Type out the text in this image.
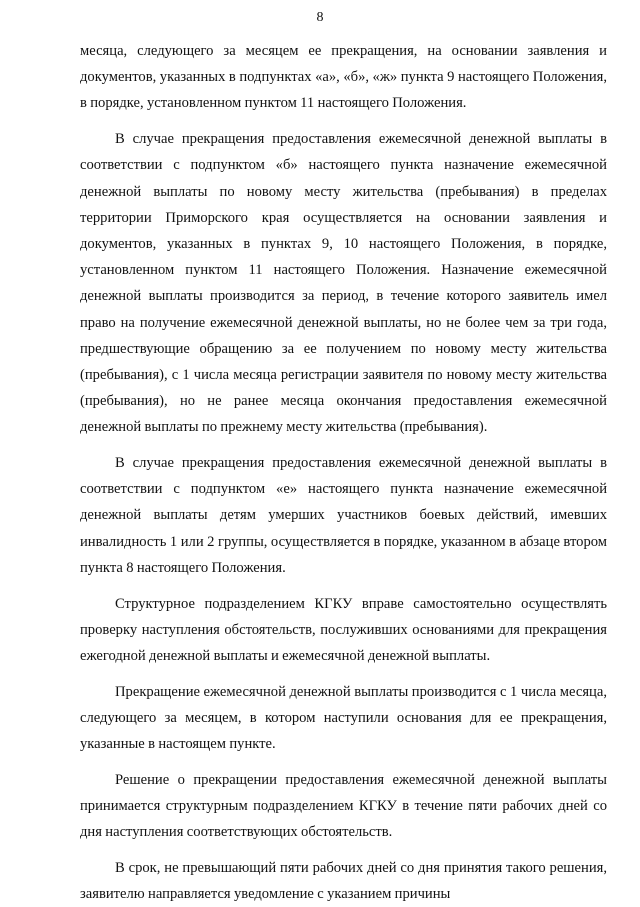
8

месяца, следующего за месяцем ее прекращения, на основании заявления и документов, указанных в подпунктах «а», «б», «ж» пункта 9 настоящего Положения, в порядке, установленном пунктом 11 настоящего Положения.

В случае прекращения предоставления ежемесячной денежной выплаты в соответствии с подпунктом «б» настоящего пункта назначение ежемесячной денежной выплаты по новому месту жительства (пребывания) в пределах территории Приморского края осуществляется на основании заявления и документов, указанных в пунктах 9, 10 настоящего Положения, в порядке, установленном пунктом 11 настоящего Положения. Назначение ежемесячной денежной выплаты производится за период, в течение которого заявитель имел право на получение ежемесячной денежной выплаты, но не более чем за три года, предшествующие обращению за ее получением по новому месту жительства (пребывания), с 1 числа месяца регистрации заявителя по новому месту жительства (пребывания), но не ранее месяца окончания предоставления ежемесячной денежной выплаты по прежнему месту жительства (пребывания).

В случае прекращения предоставления ежемесячной денежной выплаты в соответствии с подпунктом «е» настоящего пункта назначение ежемесячной денежной выплаты детям умерших участников боевых действий, имевших инвалидность 1 или 2 группы, осуществляется в порядке, указанном в абзаце втором пункта 8 настоящего Положения.

Структурное подразделением КГКУ вправе самостоятельно осуществлять проверку наступления обстоятельств, послуживших основаниями для прекращения ежегодной денежной выплаты и ежемесячной денежной выплаты.

Прекращение ежемесячной денежной выплаты производится с 1 числа месяца, следующего за месяцем, в котором наступили основания для ее прекращения, указанные в настоящем пункте.

Решение о прекращении предоставления ежемесячной денежной выплаты принимается структурным подразделением КГКУ в течение пяти рабочих дней со дня наступления соответствующих обстоятельств.

В срок, не превышающий пяти рабочих дней со дня принятия такого решения, заявителю направляется уведомление с указанием причины
